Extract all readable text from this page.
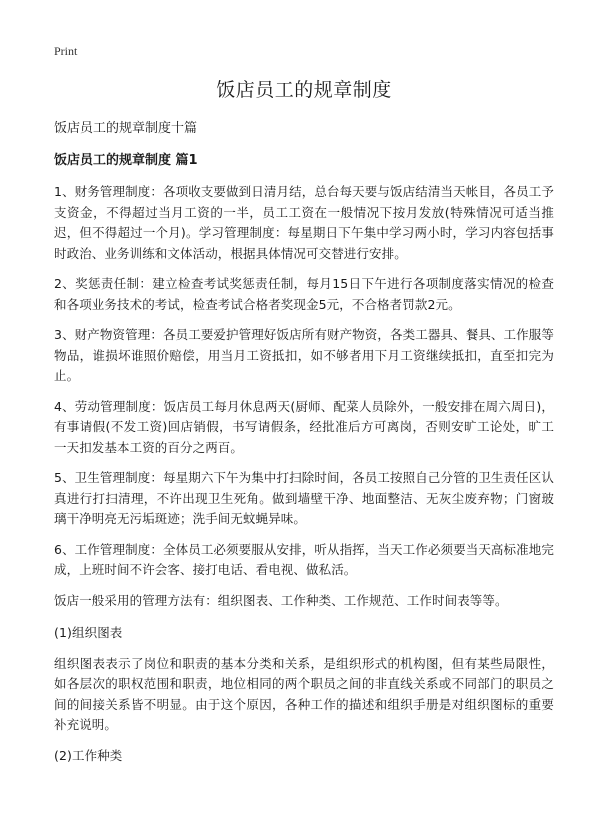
Print
饭店员工的规章制度
饭店员工的规章制度十篇
饭店员工的规章制度 篇1

1、财务管理制度：各项收支要做到日清月结，总台每天要与饭店结清当天帐目，各员工予支资金，不得超过当月工资的一半，员工工资在一般情况下按月发放(特殊情况可适当推迟，但不得超过一个月)。学习管理制度：每星期日下午集中学习两小时，学习内容包括事时政治、业务训练和文体活动，根据具体情况可交替进行安排。

2、奖惩责任制：建立检查考试奖惩责任制，每月15日下午进行各项制度落实情况的检查和各项业务技术的考试，检查考试合格者奖现金5元，不合格者罚款2元。

3、财产物资管理：各员工要爱护管理好饭店所有财产物资，各类工器具、餐具、工作服等物品，谁损坏谁照价赔偿，用当月工资抵扣，如不够者用下月工资继续抵扣，直至扣完为止。

4、劳动管理制度：饭店员工每月休息两天(厨师、配菜人员除外，一般安排在周六周日)，有事请假(不发工资)回店销假，书写请假条，经批准后方可离岗，否则安旷工论处，旷工一天扣发基本工资的百分之两百。

5、卫生管理制度：每星期六下午为集中打扫除时间，各员工按照自己分管的卫生责任区认真进行打扫清理，不许出现卫生死角。做到墙壁干净、地面整洁、无灰尘废弃物；门窗玻璃干净明亮无污垢斑迹；洗手间无蚊蝇异味。

6、工作管理制度：全体员工必须要服从安排，听从指挥，当天工作必须要当天高标准地完成，上班时间不许会客、接打电话、看电视、做私活。

饭店一般采用的管理方法有：组织图表、工作种类、工作规范、工作时间表等等。

(1)组织图表

组织图表表示了岗位和职责的基本分类和关系，是组织形式的机构图，但有某些局限性，如各层次的职权范围和职责，地位相同的两个职员之间的非直线关系或不同部门的职员之间的间接关系皆不明显。由于这个原因，各种工作的描述和组织手册是对组织图标的重要补充说明。

(2)工作种类
